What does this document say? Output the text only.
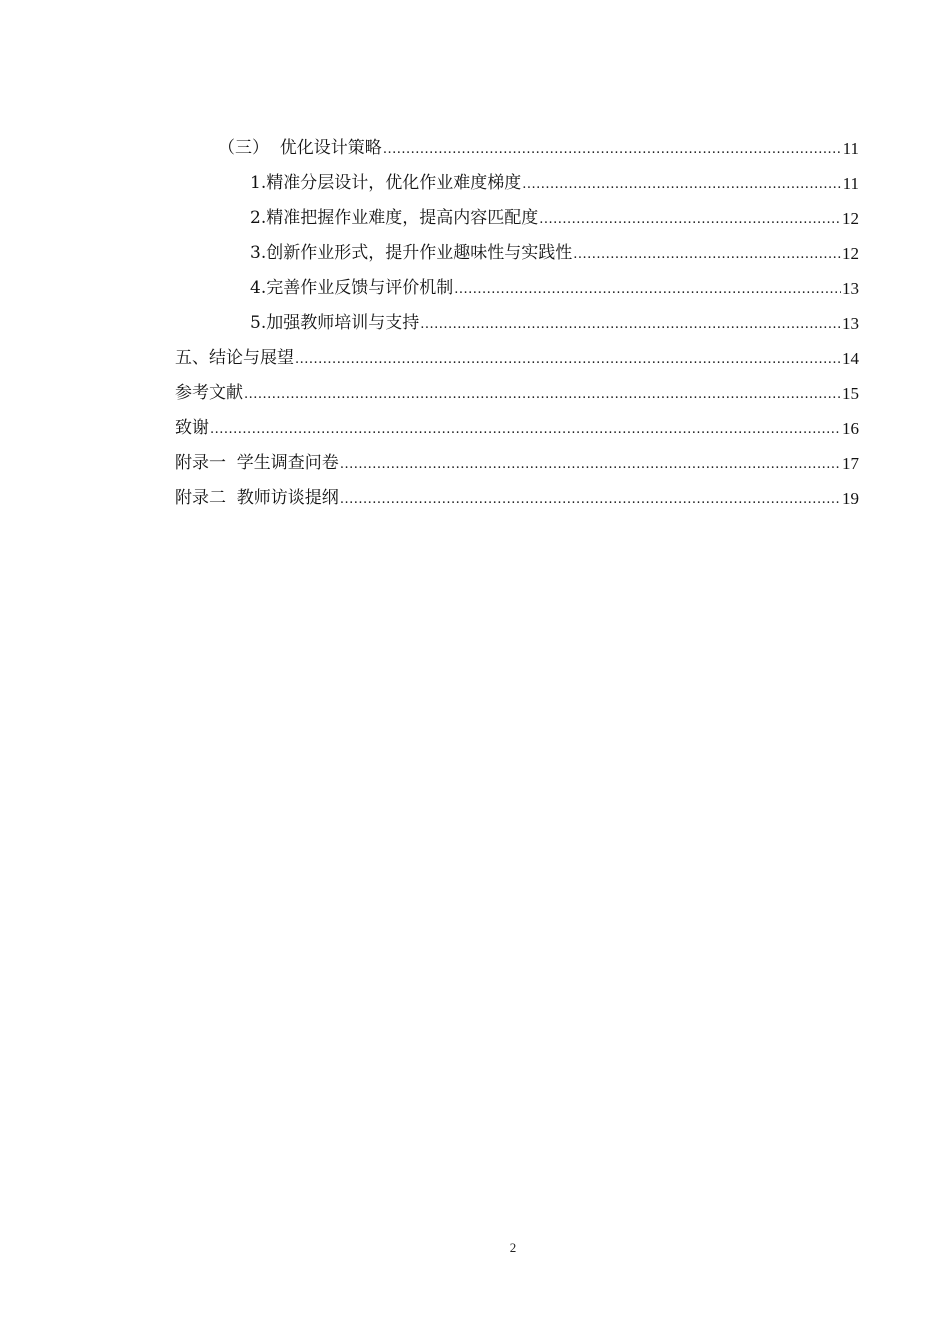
（三）  优化设计策略 .....	11
1.精准分层设计，优化作业难度梯度 .....	11
2.精准把握作业难度，提高内容匹配度 .....	12
3.创新作业形式，提升作业趣味性与实践性 .....	12
4.完善作业反馈与评价机制 .....	13
5.加强教师培训与支持 .....	13
五、结论与展望 .....	14
参考文献 .....	15
致谢 .....	16
附录一  学生调查问卷 .....	17
附录二  教师访谈提纲 .....	19
2
